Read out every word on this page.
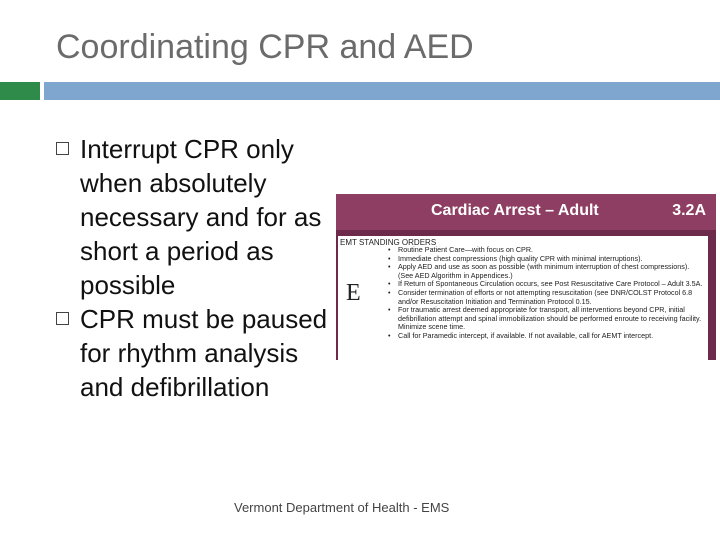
Coordinating CPR and AED
Interrupt CPR only when absolutely necessary and for as short a period as possible
CPR must be paused for rhythm analysis and defibrillation
Cardiac Arrest – Adult	3.2A
EMT STANDING ORDERS
E
• Routine Patient Care—with focus on CPR.
• Immediate chest compressions (high quality CPR with minimal interruptions).
• Apply AED and use as soon as possible (with minimum interruption of chest compressions). (See AED Algorithm in Appendices.)
• If Return of Spontaneous Circulation occurs, see Post Resuscitative Care Protocol – Adult 3.5A.
• Consider termination of efforts or not attempting resuscitation (see DNR/COLST Protocol 6.8 and/or Resuscitation Initiation and Termination Protocol 0.15.
• For traumatic arrest deemed appropriate for transport, all interventions beyond CPR, initial defibrillation attempt and spinal immobilization should be performed enroute to receiving facility. Minimize scene time.
• Call for Paramedic intercept, if available. If not available, call for AEMT intercept.
Vermont Department of Health - EMS
